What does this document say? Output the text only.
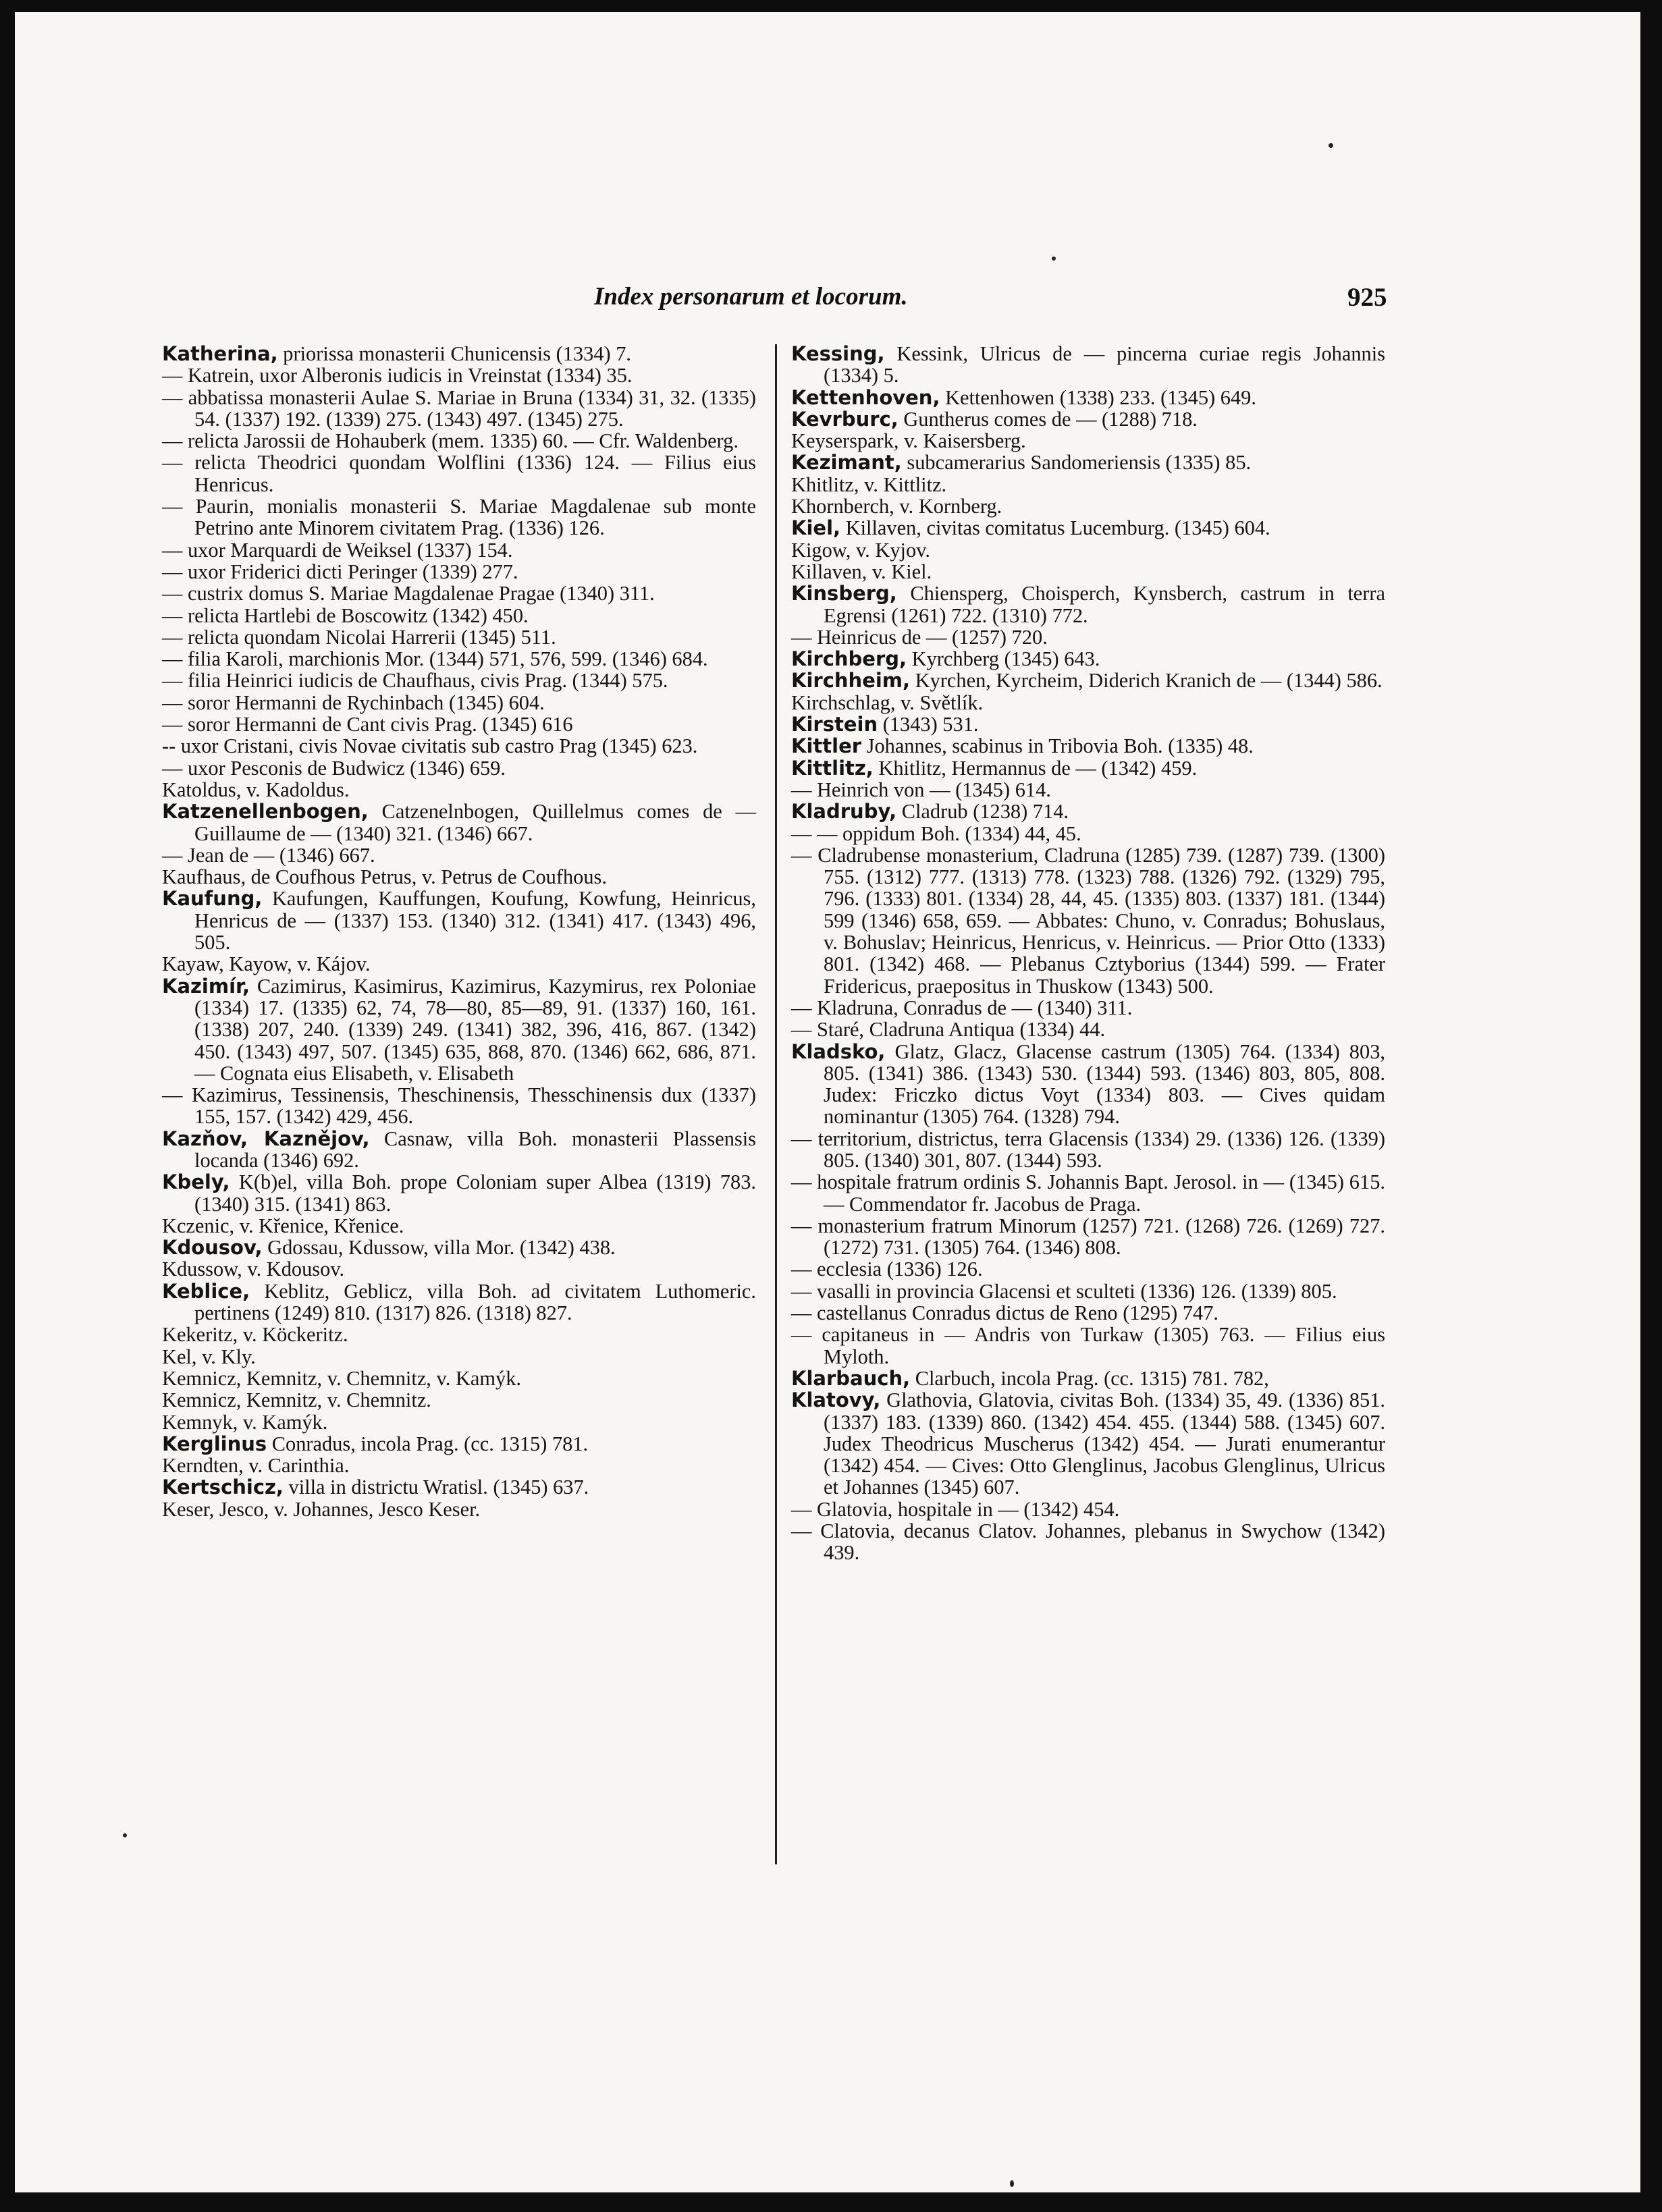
Index personarum et locorum.	925

Katherina, priorissa monasterii Chunicensis (1334) 7.

— Katrein, uxor Alberonis iudicis in Vreinstat (1334) 35.

— abbatissa monasterii Aulae S. Mariae in Bruna (1334) 31, 32. (1335) 54. (1337) 192. (1339) 275. (1343) 497. (1345) 275.

— relicta Jarossii de Hohauberk (mem. 1335) 60. — Cfr. Waldenberg.

— relicta Theodrici quondam Wolflini (1336) 124. — Filius eius Henricus.

— Paurin, monialis monasterii S. Mariae Magdalenae sub monte Petrino ante Minorem civitatem Prag. (1336) 126.

— uxor Marquardi de Weiksel (1337) 154.

— uxor Friderici dicti Peringer (1339) 277.

— custrix domus S. Mariae Magdalenae Pragae (1340) 311.

— relicta Hartlebi de Boscowitz (1342) 450.

— relicta quondam Nicolai Harrerii (1345) 511.

— filia Karoli, marchionis Mor. (1344) 571, 576, 599. (1346) 684.

— filia Heinrici iudicis de Chaufhaus, civis Prag. (1344) 575.

— soror Hermanni de Rychinbach (1345) 604.

— soror Hermanni de Cant civis Prag. (1345) 616

-- uxor Cristani, civis Novae civitatis sub castro Prag (1345) 623.

— uxor Pesconis de Budwicz (1346) 659.

Katoldus, v. Kadoldus.

Katzenellenbogen, Catzenelnbogen, Quillelmus comes de — Guillaume de — (1340) 321. (1346) 667.

— Jean de — (1346) 667.

Kaufhaus, de Coufhous Petrus, v. Petrus de Coufhous.

Kaufung, Kaufungen, Kauffungen, Koufung, Kowfung, Heinricus, Henricus de — (1337) 153. (1340) 312. (1341) 417. (1343) 496, 505.

Kayaw, Kayow, v. Kájov.

Kazimír, Cazimirus, Kasimirus, Kazimirus, Kazymirus, rex Poloniae (1334) 17. (1335) 62, 74, 78—80, 85—89, 91. (1337) 160, 161. (1338) 207, 240. (1339) 249. (1341) 382, 396, 416, 867. (1342) 450. (1343) 497, 507. (1345) 635, 868, 870. (1346) 662, 686, 871. — Cognata eius Elisabeth, v. Elisabeth

— Kazimirus, Tessinensis, Theschinensis, Thesschinensis dux (1337) 155, 157. (1342) 429, 456.

Kazňov, Kaznějov, Casnaw, villa Boh. monasterii Plassensis locanda (1346) 692.

Kbely, K(b)el, villa Boh. prope Coloniam super Albea (1319) 783. (1340) 315. (1341) 863.

Kczenic, v. Křenice, Křenice.

Kdousov, Gdossau, Kdussow, villa Mor. (1342) 438.

Kdussow, v. Kdousov.

Keblice, Keblitz, Geblicz, villa Boh. ad civitatem Luthomeric. pertinens (1249) 810. (1317) 826. (1318) 827.

Kekeritz, v. Köckeritz.

Kel, v. Kly.

Kemnicz, Kemnitz, v. Chemnitz, v. Kamýk.

Kemnicz, Kemnitz, v. Chemnitz.

Kemnyk, v. Kamýk.

Kerglinus Conradus, incola Prag. (cc. 1315) 781.

Kerndten, v. Carinthia.

Kertschicz, villa in districtu Wratisl. (1345) 637.

Keser, Jesco, v. Johannes, Jesco Keser.

Kessing, Kessink, Ulricus de — pincerna curiae regis Johannis (1334) 5.

Kettenhoven, Kettenhowen (1338) 233. (1345) 649.

Kevrburc, Guntherus comes de — (1288) 718.

Keyserspark, v. Kaisersberg.

Kezimant, subcamerarius Sandomeriensis (1335) 85.

Khitlitz, v. Kittlitz.

Khornberch, v. Kornberg.

Kiel, Killaven, civitas comitatus Lucemburg. (1345) 604.

Kigow, v. Kyjov.

Killaven, v. Kiel.

Kinsberg, Chiensperg, Choisperch, Kynsberch, castrum in terra Egrensi (1261) 722. (1310) 772.

— Heinricus de — (1257) 720.

Kirchberg, Kyrchberg (1345) 643.

Kirchheim, Kyrchen, Kyrcheim, Diderich Kranich de — (1344) 586.

Kirchschlag, v. Světlík.

Kirstein (1343) 531.

Kittler Johannes, scabinus in Tribovia Boh. (1335) 48.

Kittlitz, Khitlitz, Hermannus de — (1342) 459.

— Heinrich von — (1345) 614.

Kladruby, Cladrub (1238) 714.

— — oppidum Boh. (1334) 44, 45.

— Cladrubense monasterium, Cladruna (1285) 739. (1287) 739. (1300) 755. (1312) 777. (1313) 778. (1323) 788. (1326) 792. (1329) 795, 796. (1333) 801. (1334) 28, 44, 45. (1335) 803. (1337) 181. (1344) 599 (1346) 658, 659. — Abbates: Chuno, v. Conradus; Bohuslaus, v. Bohuslav; Heinricus, Henricus, v. Heinricus. — Prior Otto (1333) 801. (1342) 468. — Plebanus Cztyborius (1344) 599. — Frater Fridericus, praepositus in Thuskow (1343) 500.

— Kladruna, Conradus de — (1340) 311.

— Staré, Cladruna Antiqua (1334) 44.

Kladsko, Glatz, Glacz, Glacense castrum (1305) 764. (1334) 803, 805. (1341) 386. (1343) 530. (1344) 593. (1346) 803, 805, 808. Judex: Friczko dictus Voyt (1334) 803. — Cives quidam nominantur (1305) 764. (1328) 794.

— territorium, districtus, terra Glacensis (1334) 29. (1336) 126. (1339) 805. (1340) 301, 807. (1344) 593.

— hospitale fratrum ordinis S. Johannis Bapt. Jerosol. in — (1345) 615. — Commendator fr. Jacobus de Praga.

— monasterium fratrum Minorum (1257) 721. (1268) 726. (1269) 727. (1272) 731. (1305) 764. (1346) 808.

— ecclesia (1336) 126.

— vasalli in provincia Glacensi et sculteti (1336) 126. (1339) 805.

— castellanus Conradus dictus de Reno (1295) 747.

— capitaneus in — Andris von Turkaw (1305) 763. — Filius eius Myloth.

Klarbauch, Clarbuch, incola Prag. (cc. 1315) 781. 782,

Klatovy, Glathovia, Glatovia, civitas Boh. (1334) 35, 49. (1336) 851. (1337) 183. (1339) 860. (1342) 454. 455. (1344) 588. (1345) 607. Judex Theodricus Muscherus (1342) 454. — Jurati enumerantur (1342) 454. — Cives: Otto Glenglinus, Jacobus Glenglinus, Ulricus et Johannes (1345) 607.

— Glatovia, hospitale in — (1342) 454.

— Clatovia, decanus Clatov. Johannes, plebanus in Swychow (1342) 439.
